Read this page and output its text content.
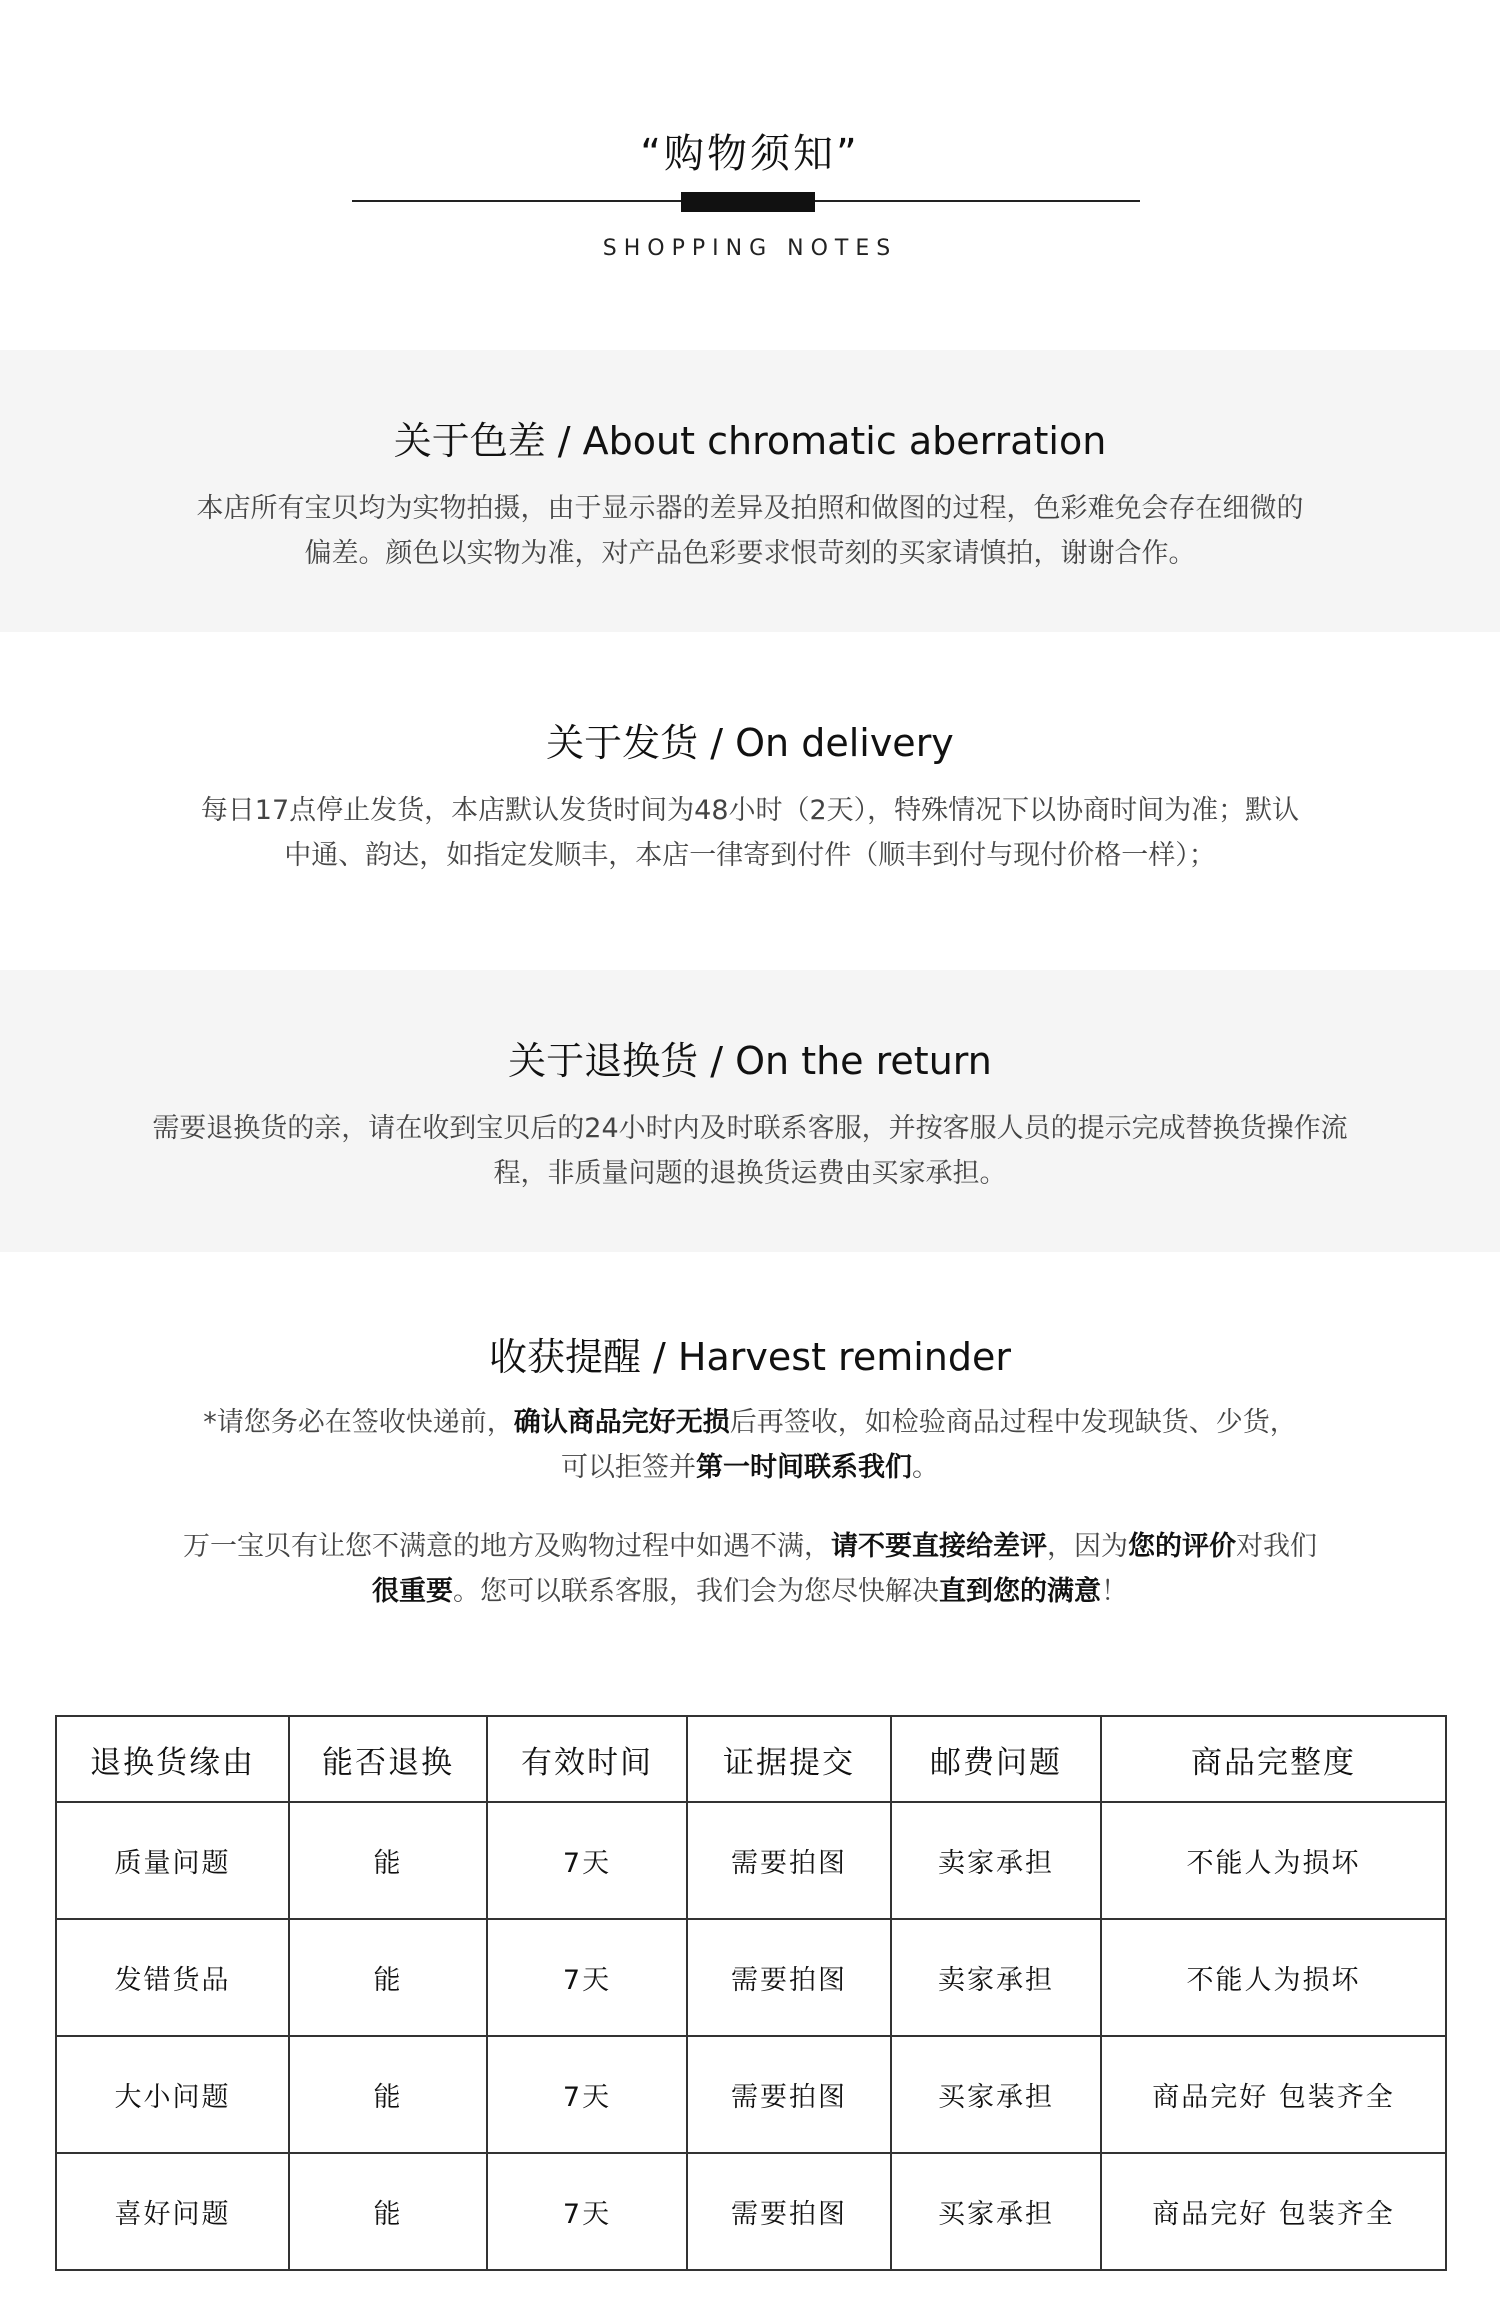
“购物须知”
SHOPPING NOTES
关于色差 / About chromatic aberration
本店所有宝贝均为实物拍摄，由于显示器的差异及拍照和做图的过程，色彩难免会存在细微的
偏差。颜色以实物为准，对产品色彩要求恨苛刻的买家请慎拍，谢谢合作。
关于发货 / On delivery
每日17点停止发货，本店默认发货时间为48小时（2天），特殊情况下以协商时间为准；默认
中通、韵达，如指定发顺丰，本店一律寄到付件（顺丰到付与现付价格一样）；
关于退换货 / On the return
需要退换货的亲，请在收到宝贝后的24小时内及时联系客服，并按客服人员的提示完成替换货操作流
程，非质量问题的退换货运费由买家承担。
收获提醒 / Harvest reminder
*请您务必在签收快递前，确认商品完好无损后再签收，如检验商品过程中发现缺货、少货，
可以拒签并第一时间联系我们。
万一宝贝有让您不满意的地方及购物过程中如遇不满，请不要直接给差评，因为您的评价对我们
很重要。您可以联系客服，我们会为您尽快解决直到您的满意！
退换货缘由	能否退换	有效时间	证据提交	邮费问题	商品完整度
质量问题	能	7天	需要拍图	卖家承担	不能人为损坏
发错货品	能	7天	需要拍图	卖家承担	不能人为损坏
大小问题	能	7天	需要拍图	买家承担	商品完好 包装齐全
喜好问题	能	7天	需要拍图	买家承担	商品完好 包装齐全
